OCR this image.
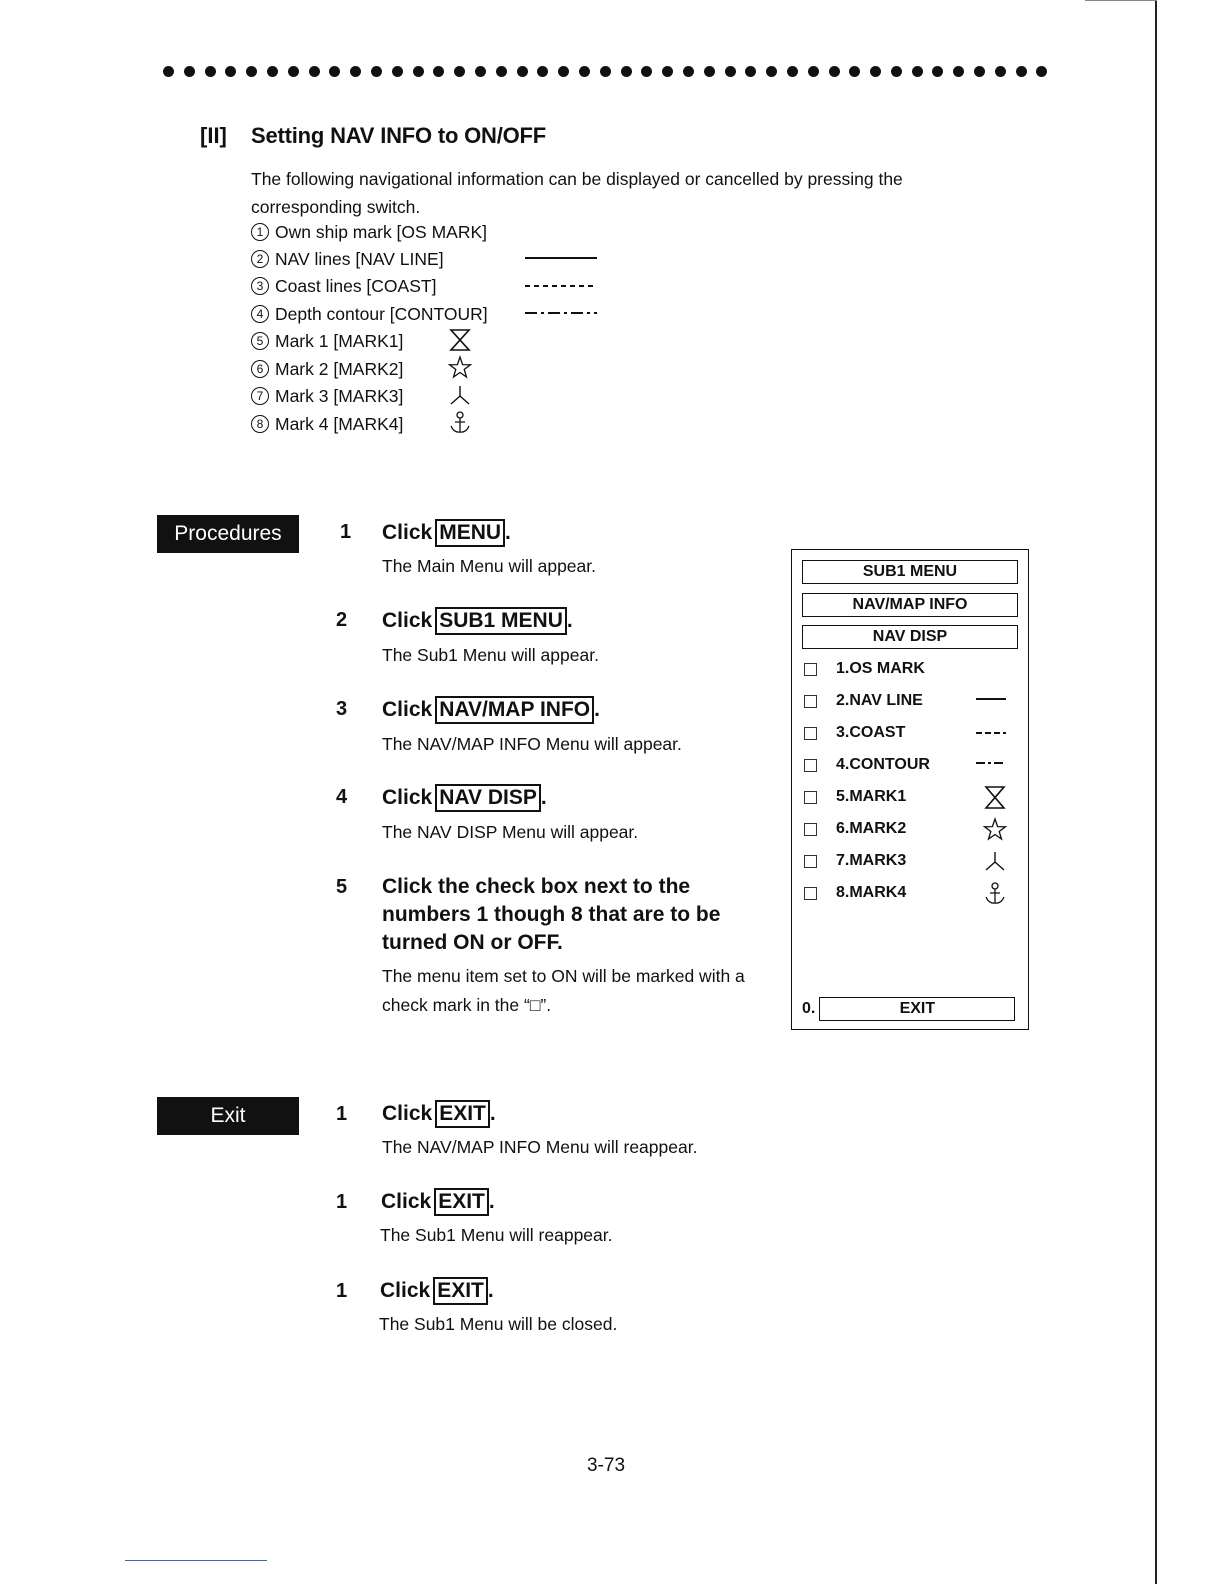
[II] Setting NAV INFO to ON/OFF
The following navigational information can be displayed or cancelled by pressing the corresponding switch.
1 Own ship mark [OS MARK]
2 NAV lines [NAV LINE]
3 Coast lines [COAST]
4 Depth contour [CONTOUR]
5 Mark 1 [MARK1]
6 Mark 2 [MARK2]
7 Mark 3 [MARK3]
8 Mark 4 [MARK4]
Procedures	1 Click MENU .
The Main Menu will appear.
2 Click SUB1 MENU .
The Sub1 Menu will appear.
3 Click NAV/MAP INFO .
The NAV/MAP INFO Menu will appear.
4 Click NAV DISP .
The NAV DISP Menu will appear.
5 Click the check box next to the numbers 1 though 8 that are to be turned ON or OFF.
The menu item set to ON will be marked with a check mark in the “□”.
SUB1 MENU
NAV/MAP INFO
NAV DISP
1.OS MARK
2.NAV LINE
3.COAST
4.CONTOUR
5.MARK1
6.MARK2
7.MARK3
8.MARK4
0.	EXIT
Exit	1 Click EXIT .
The NAV/MAP INFO Menu will reappear.
1 Click EXIT .
The Sub1 Menu will reappear.
1 Click EXIT .
The Sub1 Menu will be closed.
3-73
